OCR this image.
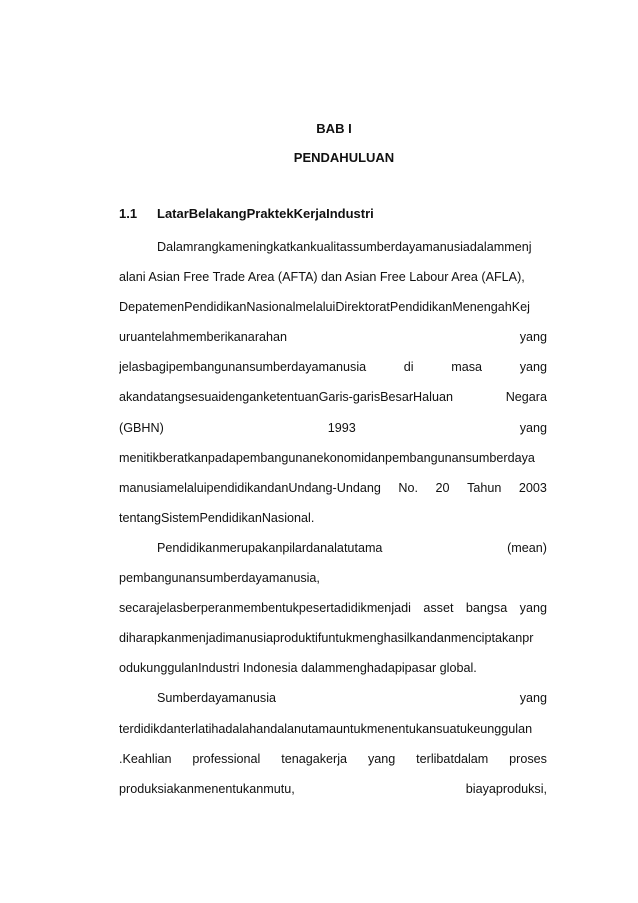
BAB I
PENDAHULUAN
1.1 LatarBelakangPraktekKerjaIndustri
Dalamrangkameningkatkankualitassumberdayamanusiadalammenj
alani Asian Free Trade Area (AFTA) dan Asian Free Labour Area (AFLA),
DepatemenPendidikanNasionalmelaluiDirektoratPendidikanMenengahKej
uruantelahmemberikanarahan	yang
jelasbagipembangunansumberdayamanusia	di	masa	yang
akandatangsesuaidenganketentuanGaris-garisBesarHaluan	Negara
(GBHN)	1993	yang
menitikberatkanpadapembangunanekonomidanpembangunansumberdaya
manusiamelaluipendidikandanUndang-Undang No. 20 Tahun 2003
tentangSistemPendidikanNasional.
Pendidikanmerupakanpilardanalatutama	(mean)
pembangunansumberdayamanusia,
secarajelasberperanmembentukpesertadidikmenjadi asset bangsa yang
diharapkanmenjadimanusiaproduktifuntukmenghasilkandanmenciptakanpr
odukunggulanIndustri Indonesia dalammenghadapipasar global.
Sumberdayamanusia	yang
terdidikdanterlatihadalahandalanutamauntukmenentukansuatukeunggulan
.Keahlian professional tenagakerja yang terlibatdalam proses
produksiakanmenentukanmutu,	biayaproduksi,
